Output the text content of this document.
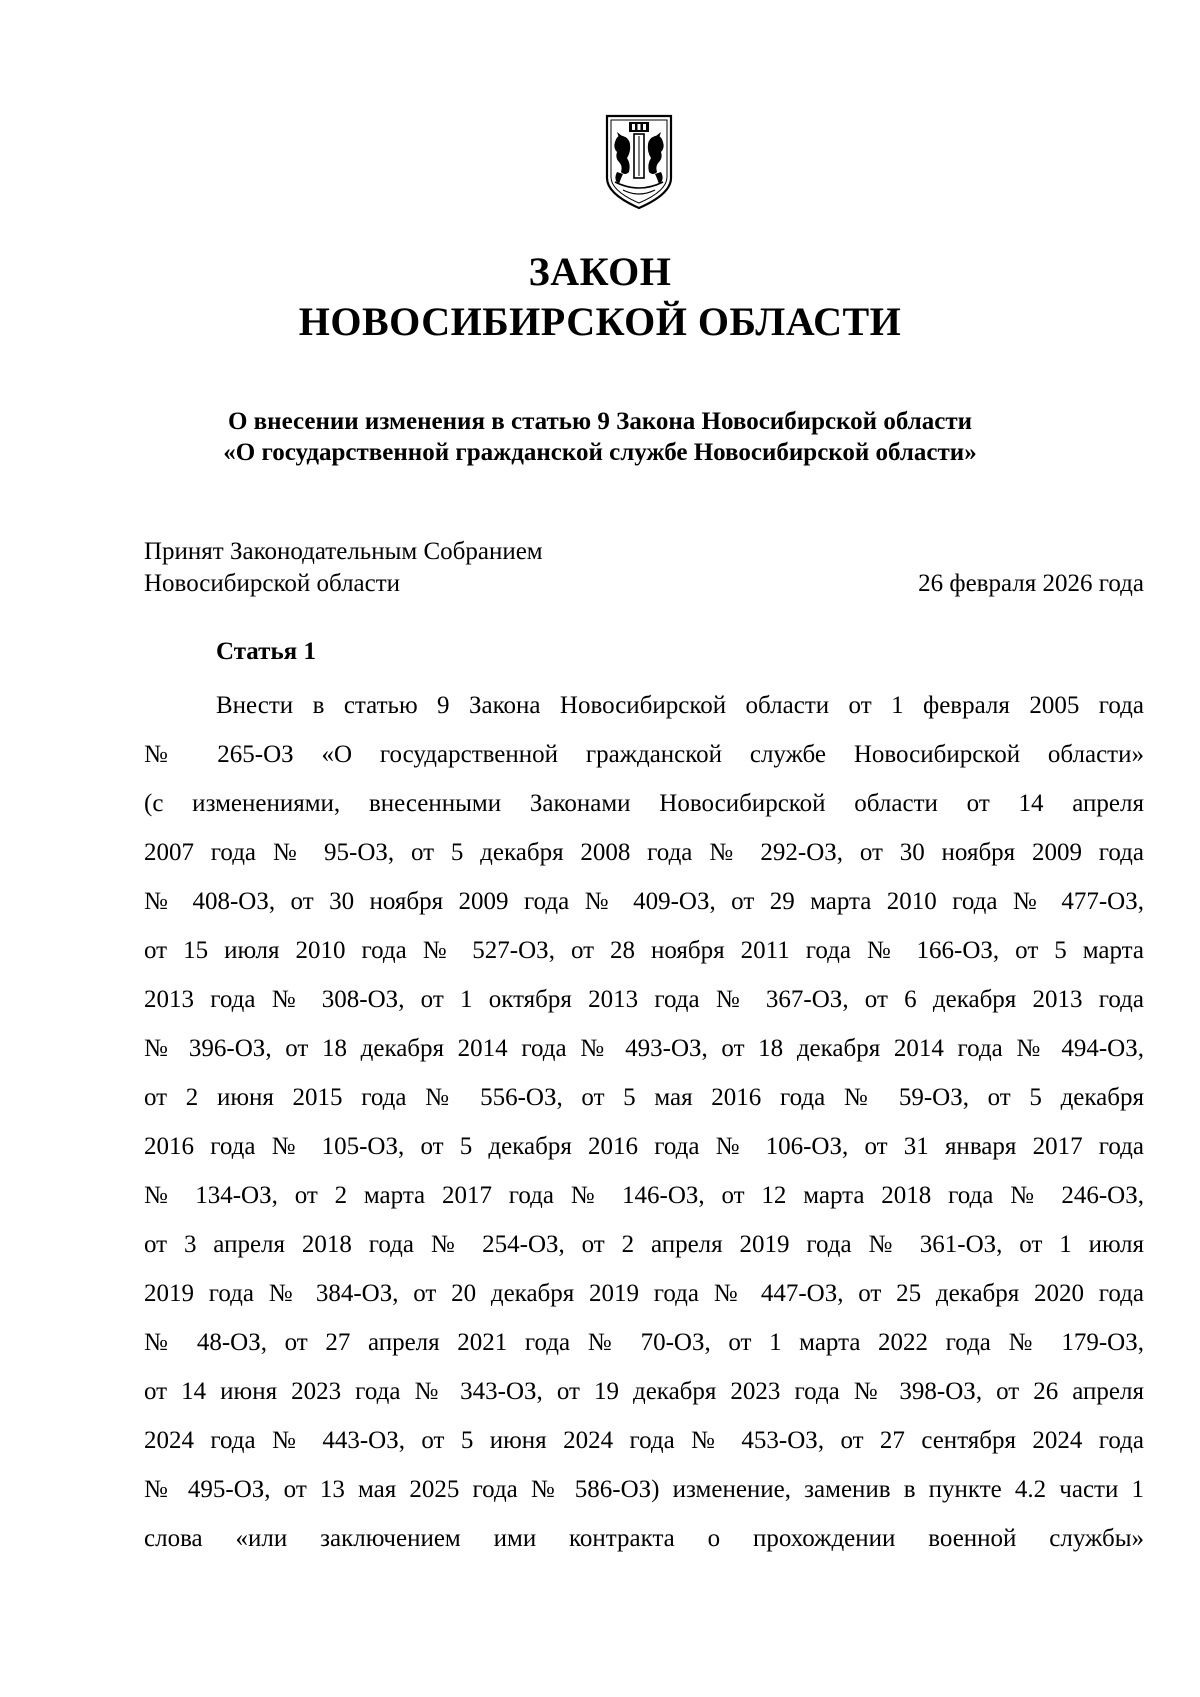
ЗАКОН
НОВОСИБИРСКОЙ ОБЛАСТИ
О внесении изменения в статью 9 Закона Новосибирской области
«О государственной гражданской службе Новосибирской области»
Принят Законодательным Собранием
Новосибирской области	26 февраля 2026 года
Статья 1
Внести в статью 9 Закона Новосибирской области от 1 февраля 2005 года
№ 265-ОЗ «О государственной гражданской службе Новосибирской области»
(с изменениями, внесенными Законами Новосибирской области от 14 апреля
2007 года № 95-ОЗ, от 5 декабря 2008 года № 292-ОЗ, от 30 ноября 2009 года
№ 408-ОЗ, от 30 ноября 2009 года № 409-ОЗ, от 29 марта 2010 года № 477-ОЗ,
от 15 июля 2010 года № 527-ОЗ, от 28 ноября 2011 года № 166-ОЗ, от 5 марта
2013 года № 308-ОЗ, от 1 октября 2013 года № 367-ОЗ, от 6 декабря 2013 года
№ 396-ОЗ, от 18 декабря 2014 года № 493-ОЗ, от 18 декабря 2014 года № 494-ОЗ,
от 2 июня 2015 года № 556-ОЗ, от 5 мая 2016 года № 59-ОЗ, от 5 декабря
2016 года № 105-ОЗ, от 5 декабря 2016 года № 106-ОЗ, от 31 января 2017 года
№ 134-ОЗ, от 2 марта 2017 года № 146-ОЗ, от 12 марта 2018 года № 246-ОЗ,
от 3 апреля 2018 года № 254-ОЗ, от 2 апреля 2019 года № 361-ОЗ, от 1 июля
2019 года № 384-ОЗ, от 20 декабря 2019 года № 447-ОЗ, от 25 декабря 2020 года
№ 48-ОЗ, от 27 апреля 2021 года № 70-ОЗ, от 1 марта 2022 года № 179-ОЗ,
от 14 июня 2023 года № 343-ОЗ, от 19 декабря 2023 года № 398-ОЗ, от 26 апреля
2024 года № 443-ОЗ, от 5 июня 2024 года № 453-ОЗ, от 27 сентября 2024 года
№ 495-ОЗ, от 13 мая 2025 года № 586-ОЗ) изменение, заменив в пункте 4.2 части 1
слова «или заключением ими контракта о прохождении военной службы»
